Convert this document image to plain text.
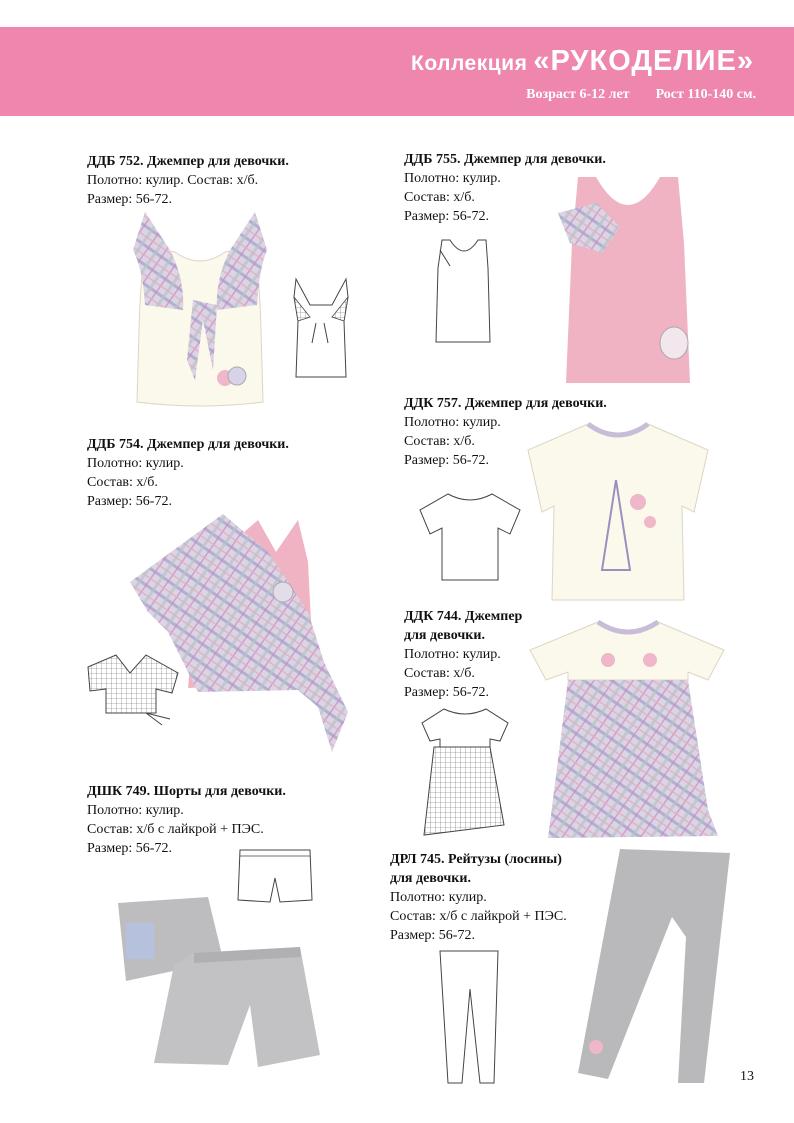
Коллекция «РУКОДЕЛИЕ»
Возраст 6-12 лет Рост 110-140 см.
ДДБ 752. Джемпер для девочки.
Полотно: кулир. Состав: х/б.
Размер: 56-72.
ДДБ 754. Джемпер для девочки.
Полотно: кулир.
Состав: х/б.
Размер: 56-72.
ДШК 749. Шорты для девочки.
Полотно: кулир.
Состав: х/б с лайкрой + ПЭС.
Размер: 56-72.
ДДБ 755. Джемпер для девочки.
Полотно: кулир.
Состав: х/б.
Размер: 56-72.
ДДК 757. Джемпер для девочки.
Полотно: кулир.
Состав: х/б.
Размер: 56-72.
ДДК 744. Джемпер
для девочки.
Полотно: кулир.
Состав: х/б.
Размер: 56-72.
ДРЛ 745. Рейтузы (лосины)
для девочки.
Полотно: кулир.
Состав: х/б с лайкрой + ПЭС.
Размер: 56-72.
13
